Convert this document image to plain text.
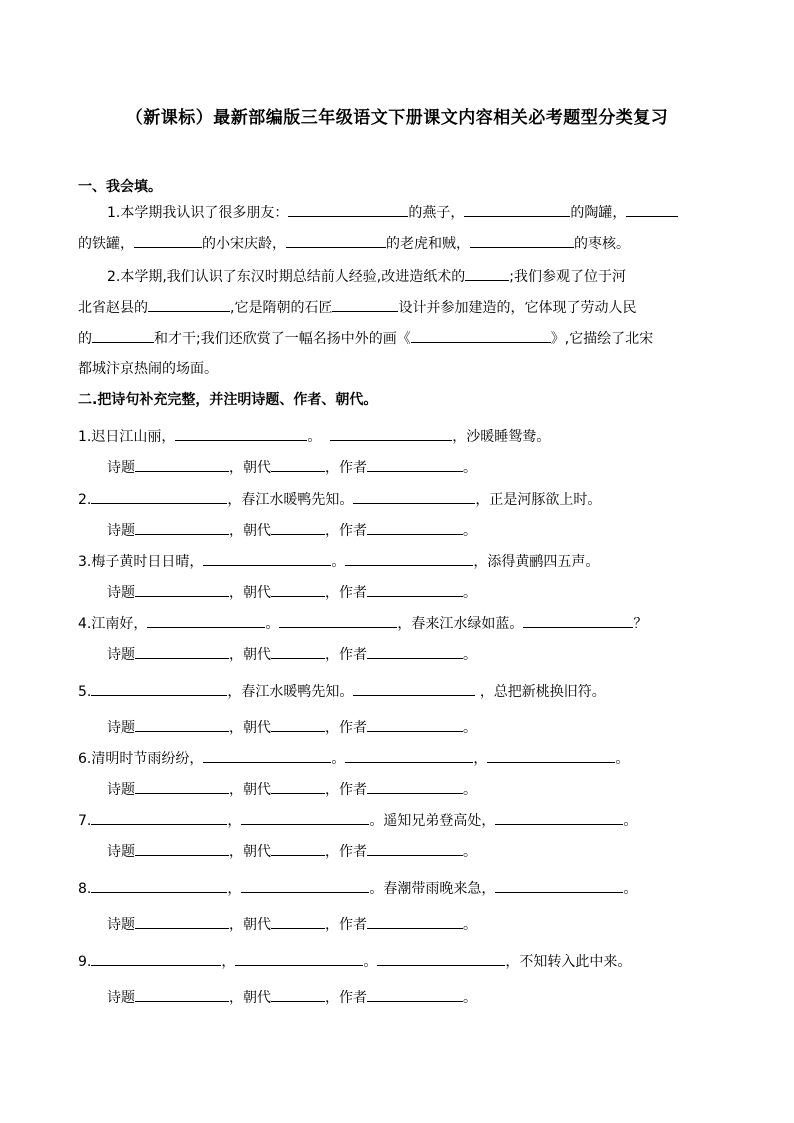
（新课标）最新部编版三年级语文下册课文内容相关必考题型分类复习
一、我会填。
1.本学期我认识了很多朋友：	的燕子，	的陶罐，
的铁罐，	的小宋庆龄，	的老虎和贼，	的枣核。
2.本学期,我们认识了东汉时期总结前人经验,改进造纸术的	;我们参观了位于河
北省赵县的	,它是隋朝的石匠	设计并参加建造的，它体现了劳动人民
的	和才干;我们还欣赏了一幅名扬中外的画《	》,它描绘了北宋
都城汴京热闹的场面。
二.把诗句补充完整，并注明诗题、作者、朝代。
1.迟日江山丽，	。	，沙暖睡鸳鸯。
诗题	，朝代	，作者	。
2.	，春江水暖鸭先知。	，正是河豚欲上时。
诗题	，朝代	，作者	。
3.梅子黄时日日晴，	。	，添得黄鹂四五声。
诗题	，朝代	，作者	。
4.江南好，	。	，春来江水绿如蓝。	？
诗题	，朝代	，作者	。
5.	，春江水暖鸭先知。	，总把新桃换旧符。
诗题	，朝代	，作者	。
6.清明时节雨纷纷，	。	，	。
诗题	，朝代	，作者	。
7.	，	。遥知兄弟登高处，	。
诗题	，朝代	，作者	。
8.	，	。春潮带雨晚来急，	。
诗题	，朝代	，作者	。
9.	，	。	，不知转入此中来。
诗题	，朝代	，作者	。
